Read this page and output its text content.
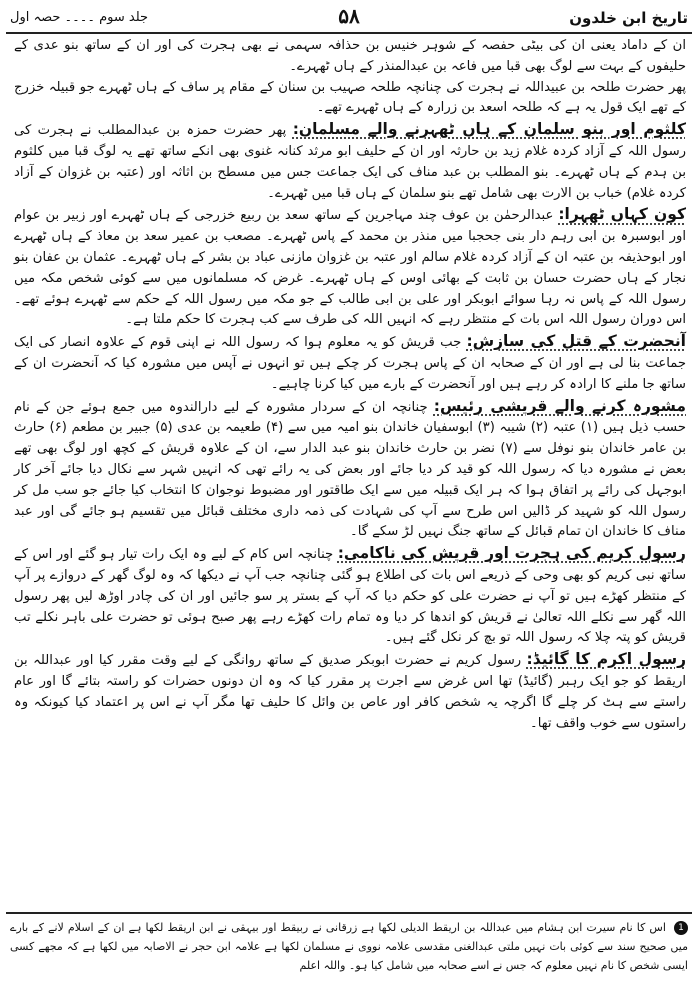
جلد سوم ۔۔۔۔ حصہ اول	۵۸	تاریخ ابن خلدون

ان کے داماد یعنی ان کی بیٹی حفصہ کے شوہر خنیس بن حذافہ سہمی نے بھی ہجرت کی اور ان کے ساتھ بنو عدی کے حلیفوں کے بہت سے لوگ بھی قبا میں فاعہ بن عبدالمنذر کے ہاں ٹھہرے۔

پھر حضرت طلحہ بن عبیداللہ نے ہجرت کی چنانچہ طلحہ صہیب بن سنان کے مقام پر ساف کے ہاں ٹھہرے جو قبیلہ خزرج کے تھے ایک قول یہ ہے کہ طلحہ اسعد بن زرارہ کے ہاں ٹھہرے تھے۔

کلثوم اور بنو سلمان کے ہاں ٹھہرنے والے مسلمان: پھر حضرت حمزہ بن عبدالمطلب نے ہجرت کی رسول اللہ کے آزاد کردہ غلام زید بن حارثہ اور ان کے حلیف ابو مرثد کنانہ غنوی بھی انکے ساتھ تھے یہ لوگ قبا میں کلثوم بن ہدم کے ہاں ٹھہرے۔ بنو المطلب بن عبد مناف کی ایک جماعت جس میں مسطح بن اثاثہ اور (عتبہ بن غزوان کے آزاد کردہ غلام) خباب بن الارت بھی شامل تھے بنو سلمان کے ہاں قبا میں ٹھہرے۔

کون کہاں ٹھہرا: عبدالرحمٰن بن عوف چند مہاجرین کے ساتھ سعد بن ربیع خزرجی کے ہاں ٹھہرے اور زبیر بن عوام اور ابوسبرہ بن ابی رہم دار بنی جحجبا میں منذر بن محمد کے پاس ٹھہرے۔ مصعب بن عمیر سعد بن معاذ کے ہاں ٹھہرے اور ابوحذیفہ بن عتبہ ان کے آزاد کردہ غلام سالم اور عتبہ بن غزوان مازنی عباد بن بشر کے ہاں ٹھہرے۔ عثمان بن عفان بنو نجار کے ہاں حضرت حسان بن ثابت کے بھائی اوس کے ہاں ٹھہرے۔ غرض کہ مسلمانوں میں سے کوئی شخص مکہ میں رسول اللہ کے پاس نہ رہا سوائے ابوبکر اور علی بن ابی طالب کے جو مکہ میں رسول اللہ کے حکم سے ٹھہرے ہوئے تھے۔ اس دوران رسول اللہ اس بات کے منتظر رہے کہ انہیں اللہ کی طرف سے کب ہجرت کا حکم ملتا ہے۔

آنحضرت کے قتل کی سازش: جب قریش کو یہ معلوم ہوا کہ رسول اللہ نے اپنی قوم کے علاوہ انصار کی ایک جماعت بنا لی ہے اور ان کے صحابہ ان کے پاس ہجرت کر چکے ہیں تو انہوں نے آپس میں مشورہ کیا کہ آنحضرت ان کے ساتھ جا ملنے کا ارادہ کر رہے ہیں اور آنحضرت کے بارے میں کیا کرنا چاہیے۔

مشورہ کرنے والے قریشی رئیس: چنانچہ ان کے سردار مشورہ کے لیے دارالندوہ میں جمع ہوئے جن کے نام حسب ذیل ہیں (۱) عتبہ (۲) شیبہ (۳) ابوسفیان خاندان بنو امیہ میں سے (۴) طعیمہ بن عدی (۵) جبیر بن مطعم (۶) حارث بن عامر خاندان بنو نوفل سے (۷) نضر بن حارث خاندان بنو عبد الدار سے، ان کے علاوہ قریش کے کچھ اور لوگ بھی تھے بعض نے مشورہ دیا کہ رسول اللہ کو قید کر دیا جائے اور بعض کی یہ رائے تھی کہ انہیں شہر سے نکال دیا جائے آخر کار ابوجہل کی رائے پر اتفاق ہوا کہ ہر ایک قبیلہ میں سے ایک طاقتور اور مضبوط نوجوان کا انتخاب کیا جائے جو سب مل کر رسول اللہ کو شہید کر ڈالیں اس طرح سے آپ کی شہادت کی ذمہ داری مختلف قبائل میں تقسیم ہو جائے گی اور عبد مناف کا خاندان ان تمام قبائل کے ساتھ جنگ نہیں لڑ سکے گا۔

رسول کریم کی ہجرت اور قریش کی ناکامی: چنانچہ اس کام کے لیے وہ ایک رات تیار ہو گئے اور اس کے ساتھ نبی کریم کو بھی وحی کے ذریعے اس بات کی اطلاع ہو گئی چنانچہ جب آپ نے دیکھا کہ وہ لوگ گھر کے دروازے پر آپ کے منتظر کھڑے ہیں تو آپ نے حضرت علی کو حکم دیا کہ آپ کے بستر پر سو جائیں اور ان کی چادر اوڑھ لیں پھر رسول اللہ گھر سے نکلے اللہ تعالیٰ نے قریش کو اندھا کر دیا وہ تمام رات کھڑے رہے پھر صبح ہوئی تو حضرت علی باہر نکلے تب قریش کو پتہ چلا کہ رسول اللہ تو بچ کر نکل گئے ہیں۔

رسول اکرم کا گائیڈ: رسول کریم نے حضرت ابوبکر صدیق کے ساتھ روانگی کے لیے وقت مقرر کیا اور عبداللہ بن اریقط کو جو ایک رہبر (گائیڈ) تھا اس غرض سے اجرت پر مقرر کیا کہ وہ ان دونوں حضرات کو راستہ بتائے گا اور عام راستے سے ہٹ کر چلے گا اگرچہ یہ شخص کافر اور عاص بن وائل کا حلیف تھا مگر آپ نے اس پر اعتماد کیا کیونکہ وہ راستوں سے خوب واقف تھا۔

1 اس کا نام سیرت ابن ہشام میں عبداللہ بن اریقط الدیلی لکھا ہے زرقانی نے ربیقط اور بیہقی نے ابن اریقط لکھا ہے ان کے اسلام لانے کے بارے میں صحیح سند سے کوئی بات نہیں ملتی عبدالغنی مقدسی علامہ نووی نے مسلمان لکھا ہے علامہ ابن حجر نے الاصابہ میں لکھا ہے کہ مجھے کسی ایسی شخص کا نام نہیں معلوم کہ جس نے اسے صحابہ میں شامل کیا ہو۔ واللہ اعلم
